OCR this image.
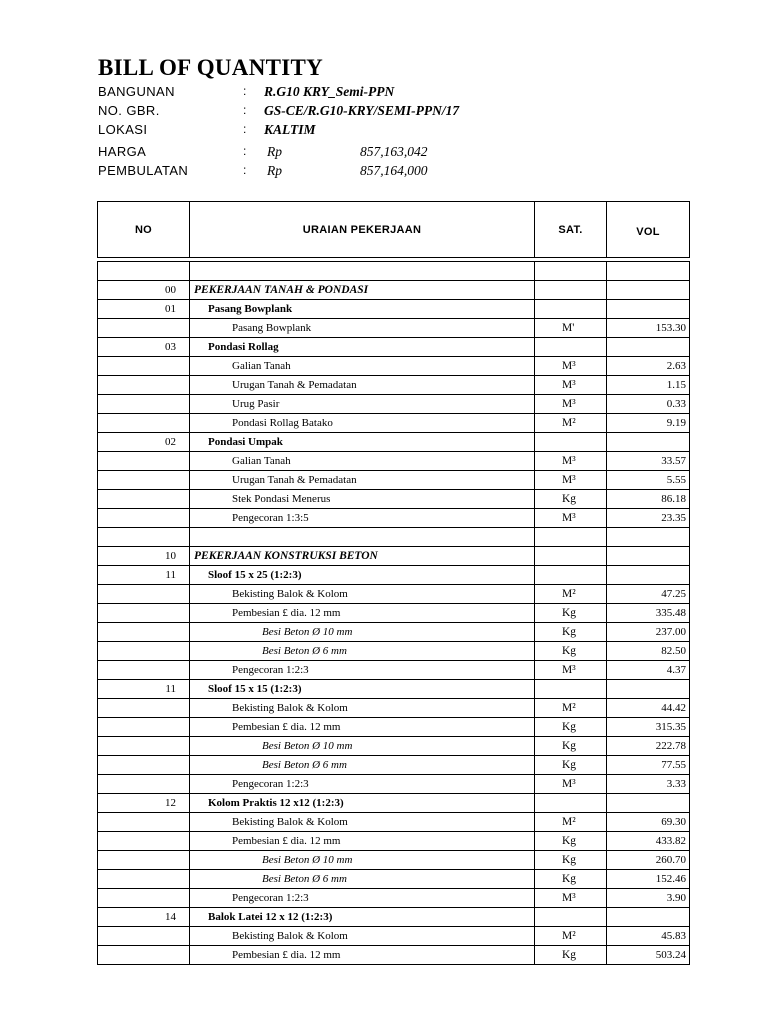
BILL OF QUANTITY
BANGUNAN	: R.G10 KRY_Semi-PPN
NO. GBR.	: GS-CE/R.G10-KRY/SEMI-PPN/17
LOKASI	: KALTIM
HARGA	: Rp	857,163,042
PEMBULATAN	: Rp	857,164,000
NO	URAIAN PEKERJAAN	SAT.	VOL

00	PEKERJAAN TANAH & PONDASI		
01	Pasang Bowplank		
	Pasang Bowplank	M'	153.30
03	Pondasi Rollag		
	Galian Tanah	M³	2.63
	Urugan Tanah & Pemadatan	M³	1.15
	Urug Pasir	M³	0.33
	Pondasi Rollag Batako	M²	9.19
02	Pondasi Umpak		
	Galian Tanah	M³	33.57
	Urugan Tanah & Pemadatan	M³	5.55
	Stek Pondasi Menerus	Kg	86.18
	Pengecoran 1:3:5	M³	23.35

10	PEKERJAAN KONSTRUKSI BETON		
11	Sloof 15 x 25 (1:2:3)		
	Bekisting Balok & Kolom	M²	47.25
	Pembesian £ dia. 12 mm	Kg	335.48
	Besi Beton Ø 10 mm	Kg	237.00
	Besi Beton Ø 6 mm	Kg	82.50
	Pengecoran 1:2:3	M³	4.37
11	Sloof 15 x 15 (1:2:3)		
	Bekisting Balok & Kolom	M²	44.42
	Pembesian £ dia. 12 mm	Kg	315.35
	Besi Beton Ø 10 mm	Kg	222.78
	Besi Beton Ø 6 mm	Kg	77.55
	Pengecoran 1:2:3	M³	3.33
12	Kolom Praktis 12 x12 (1:2:3)		
	Bekisting Balok & Kolom	M²	69.30
	Pembesian £ dia. 12 mm	Kg	433.82
	Besi Beton Ø 10 mm	Kg	260.70
	Besi Beton Ø 6 mm	Kg	152.46
	Pengecoran 1:2:3	M³	3.90
14	Balok Latei 12 x 12 (1:2:3)		
	Bekisting Balok & Kolom	M²	45.83
	Pembesian £ dia. 12 mm	Kg	503.24
